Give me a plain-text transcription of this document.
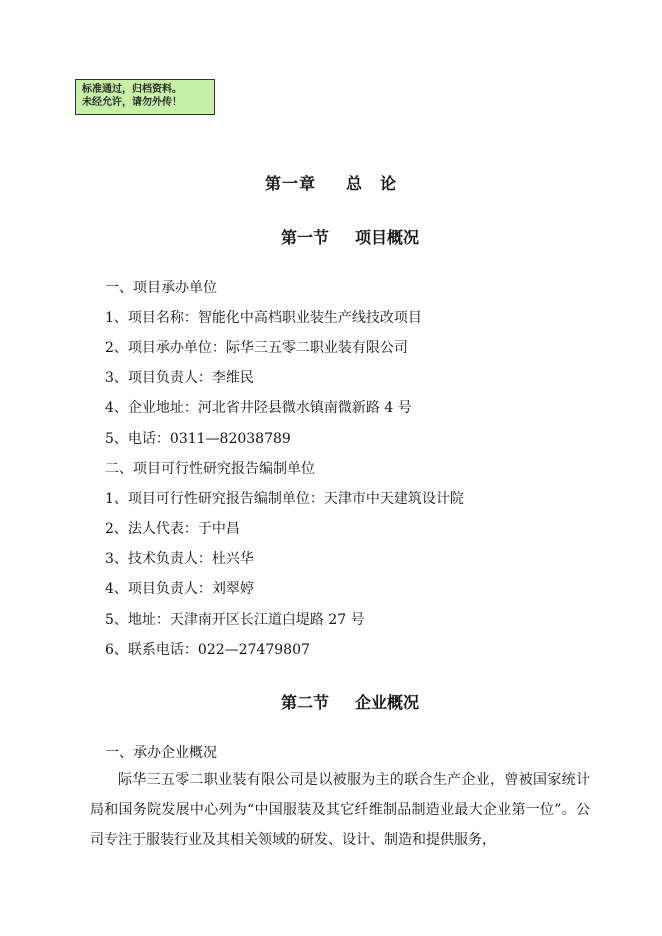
标准通过，归档资料。
未经允许，请勿外传！
第一章 总　论
第一节 项目概况
一、项目承办单位
1、项目名称：智能化中高档职业装生产线技改项目
2、项目承办单位：际华三五零二职业装有限公司
3、项目负责人：李维民
4、企业地址：河北省井陉县微水镇南微新路 4 号
5、电话：0311—82038789
二、项目可行性研究报告编制单位
1、项目可行性研究报告编制单位：天津市中天建筑设计院
2、法人代表：于中昌
3、技术负责人：杜兴华
4、项目负责人：刘翠婷
5、地址：天津南开区长江道白堤路 27 号
6、联系电话：022—27479807
第二节 企业概况
一、承办企业概况
际华三五零二职业装有限公司是以被服为主的联合生产企业，曾被国家统计局和国务院发展中心列为“中国服装及其它纤维制品制造业最大企业第一位”。公司专注于服装行业及其相关领域的研发、设计、制造和提供服务，
